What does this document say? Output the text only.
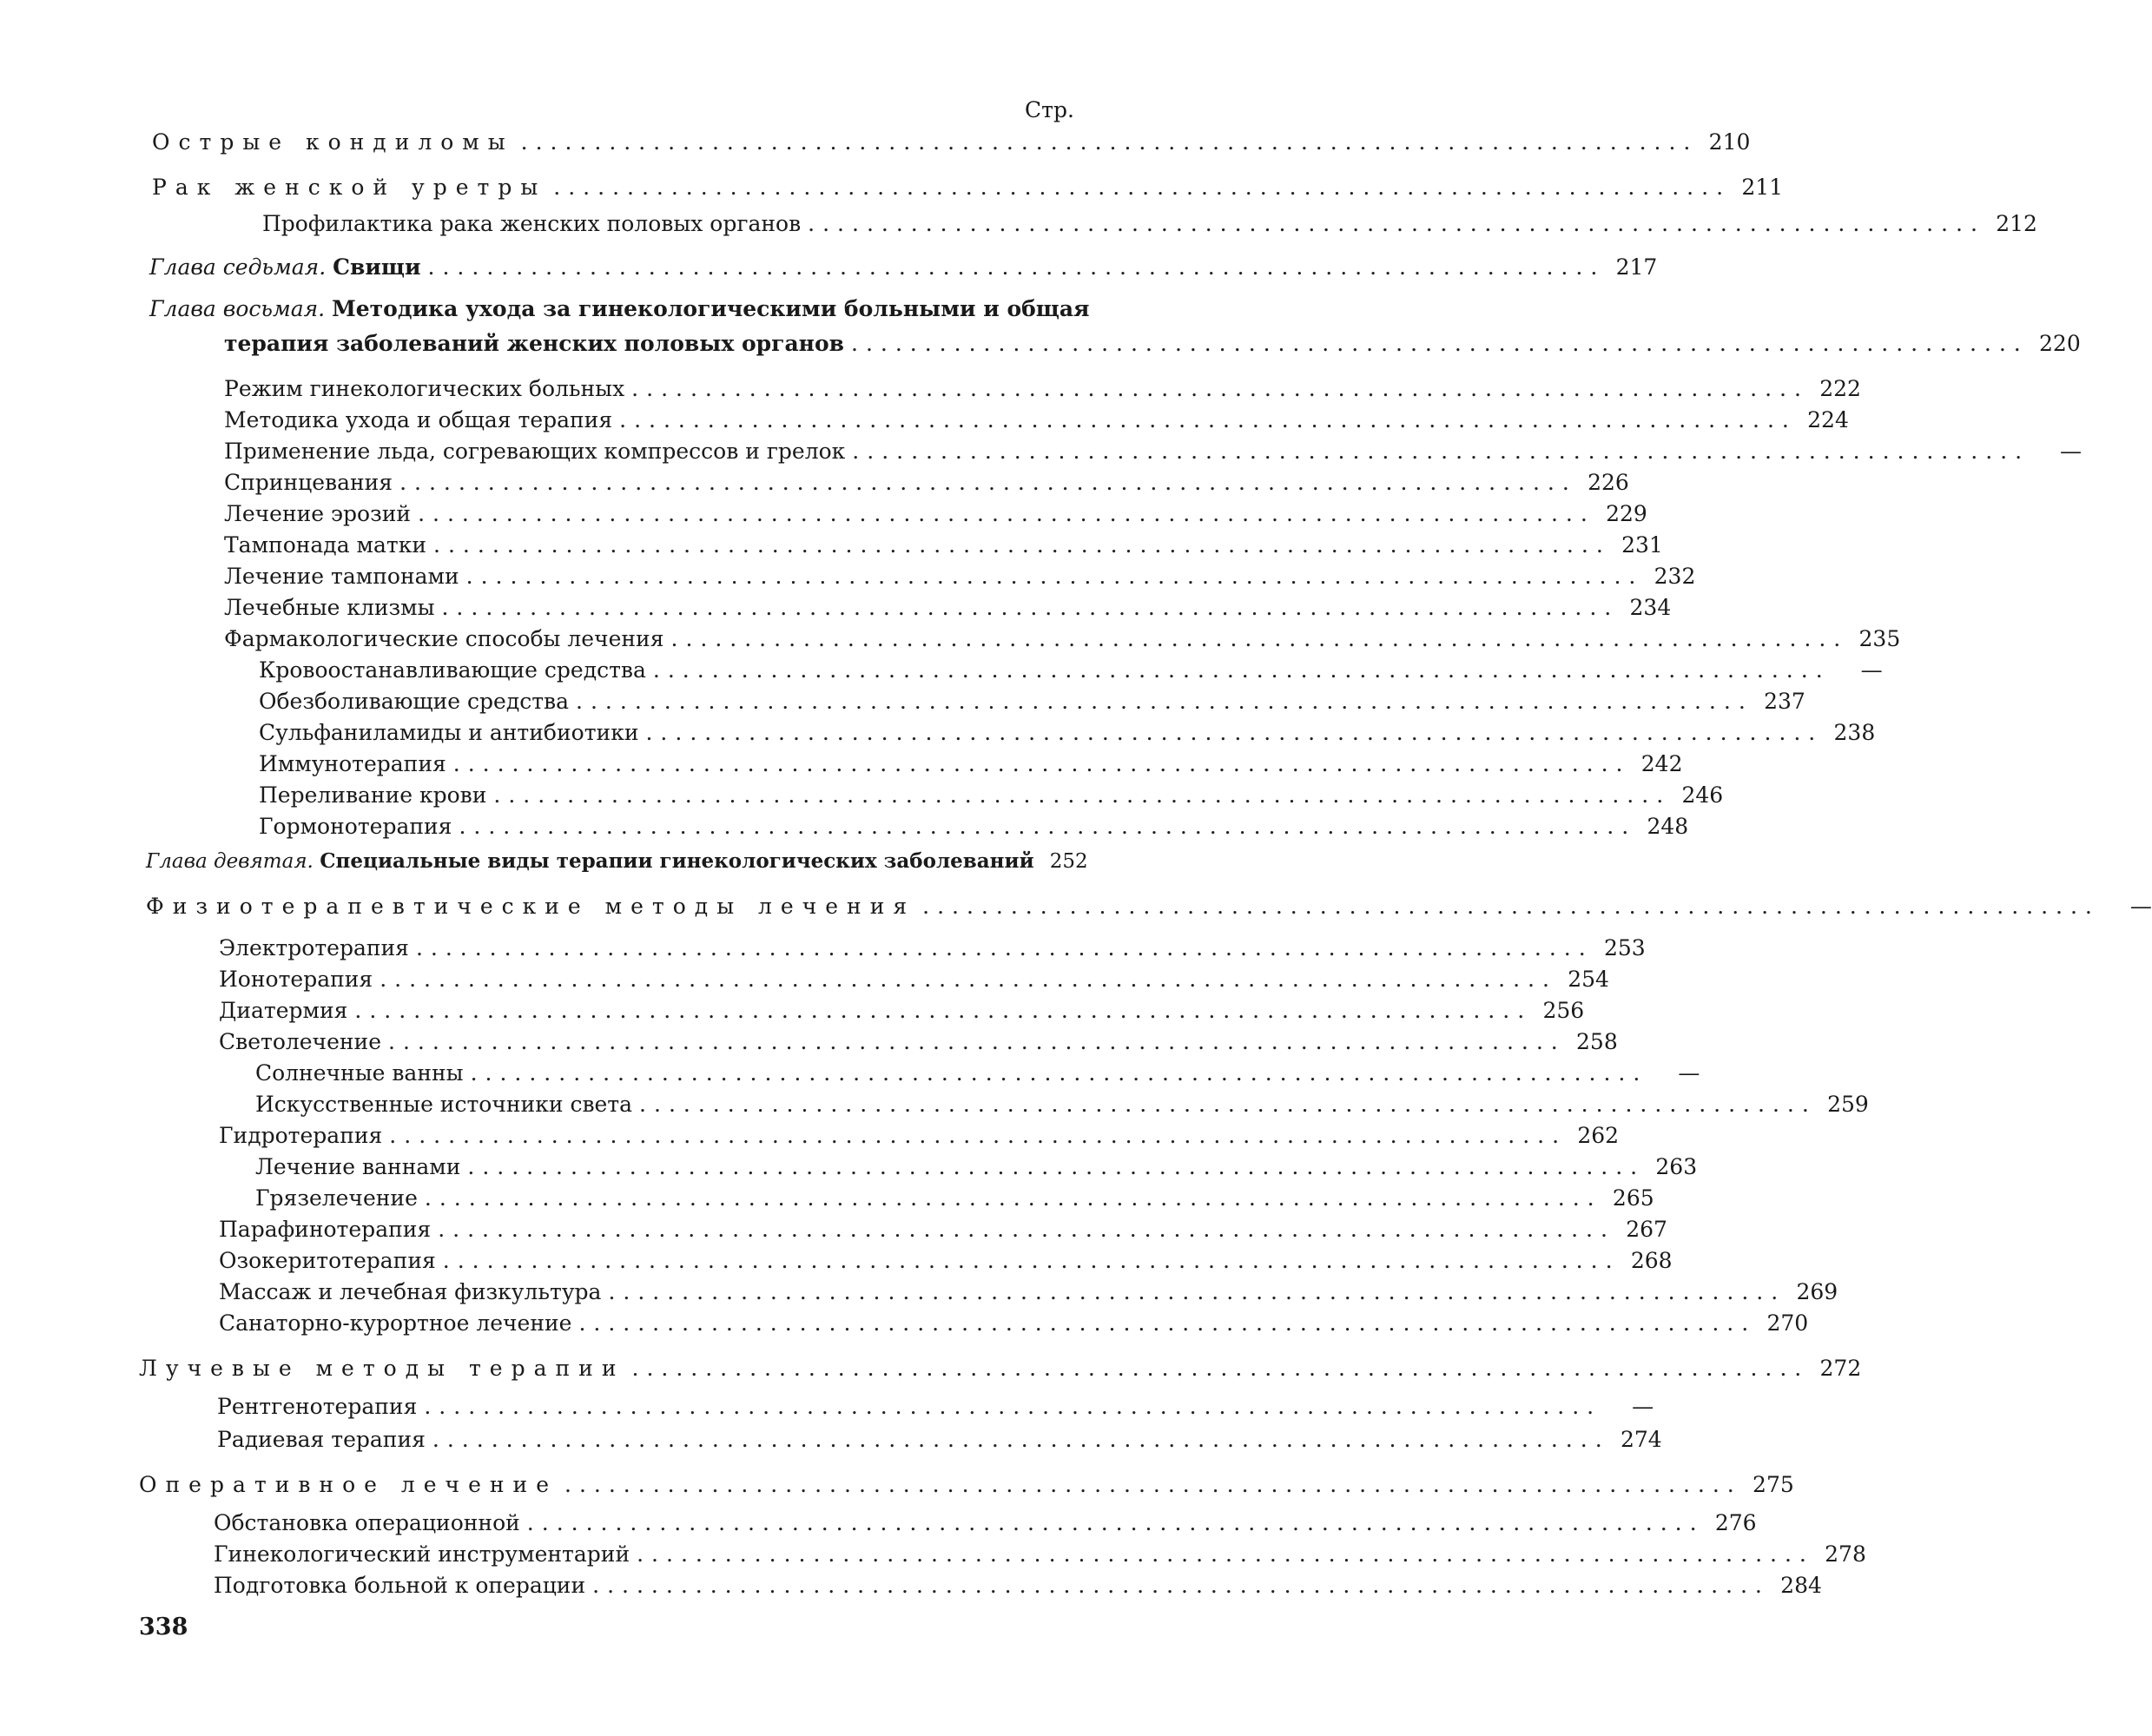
Стр.
Острые кондиломы ................................................................................ 210
Рак женской уретры ................................................................................ 211
Профилактика рака женских половых органов ................................................................................ 212
Глава седьмая. Свищи ................................................................................ 217
Глава восьмая. Методика ухода за гинекологическими больными и общая
терапия заболеваний женских половых органов ................................................................................ 220
Режим гинекологических больных ................................................................................ 222
Методика ухода и общая терапия ................................................................................ 224
Применение льда, согревающих компрессов и грелок ................................................................................	—
Спринцевания ................................................................................ 226
Лечение эрозий ................................................................................ 229
Тампонада матки ................................................................................ 231
Лечение тампонами ................................................................................ 232
Лечебные клизмы ................................................................................ 234
Фармакологические способы лечения ................................................................................ 235
Кровоостанавливающие средства ................................................................................	—
Обезболивающие средства ................................................................................ 237
Сульфаниламиды и антибиотики ................................................................................ 238
Иммунотерапия ................................................................................ 242
Переливание крови ................................................................................ 246
Гормонотерапия ................................................................................ 248
Глава девятая. Специальные виды терапии гинекологических заболеваний 252
Физиотерапевтические методы лечения ................................................................................	—
Электротерапия ................................................................................ 253
Ионотерапия ................................................................................ 254
Диатермия ................................................................................ 256
Светолечение ................................................................................ 258
Солнечные ванны ................................................................................	—
Искусственные источники света ................................................................................ 259
Гидротерапия ................................................................................ 262
Лечение ваннами ................................................................................ 263
Грязелечение ................................................................................ 265
Парафинотерапия ................................................................................ 267
Озокеритотерапия ................................................................................ 268
Массаж и лечебная физкультура ................................................................................ 269
Санаторно-курортное лечение ................................................................................ 270
Лучевые методы терапии ................................................................................ 272
Рентгенотерапия ................................................................................	—
Радиевая терапия ................................................................................ 274
Оперативное лечение ................................................................................ 275
Обстановка операционной ................................................................................ 276
Гинекологический инструментарий ................................................................................ 278
Подготовка больной к операции ................................................................................ 284
338
